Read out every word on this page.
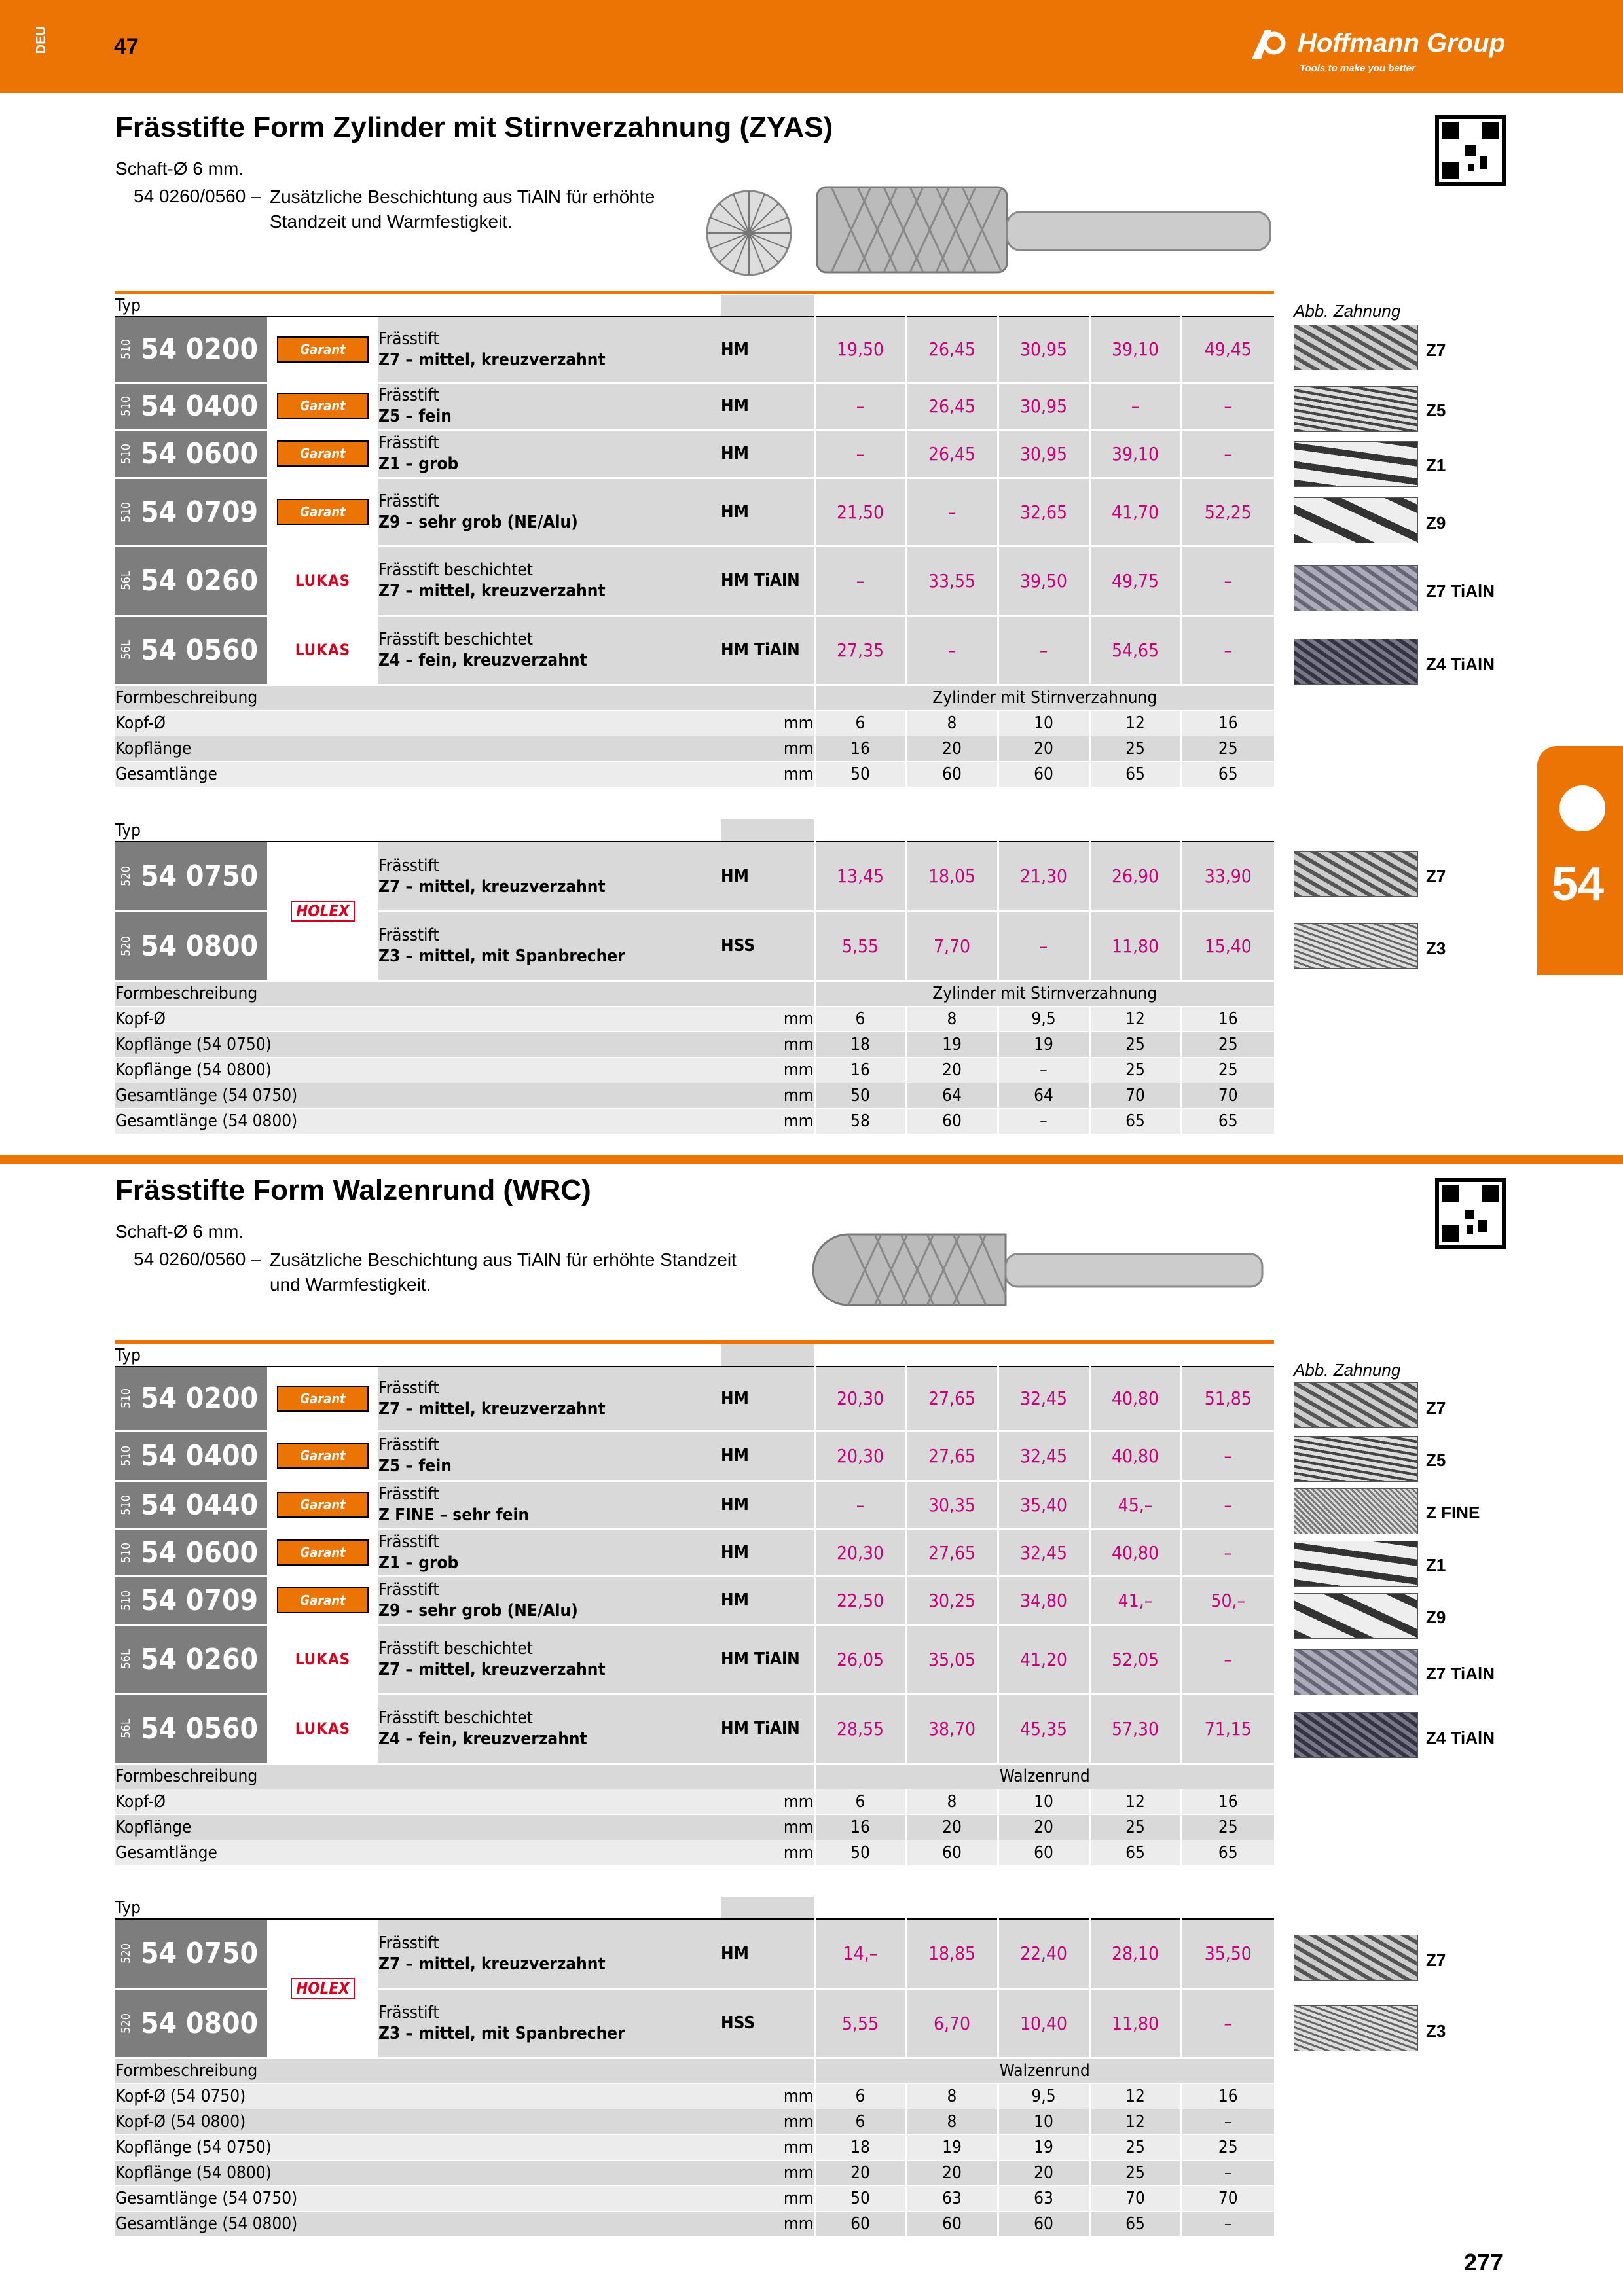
DEU	47	Hoffmann Group
Tools to make you better
54
Frässtifte Form Zylinder mit Stirnverzahnung (ZYAS)
Schaft-Ø 6 mm.
54 0260/0560 – Zusätzliche Beschichtung aus TiAlN für erhöhte
Standzeit und Warmfestigkeit.
Typ				AS0616	AS0820	AS1020	AS1225	AS1625
510 54 0200	Garant	Frässtift
Z7 – mittel, kreuzverzahnt	HM	19,50	26,45	30,95	39,10	49,45
510 54 0400	Garant	Frässtift
Z5 – fein	HM	–	26,45	30,95	–	–
510 54 0600	Garant	Frässtift
Z1 – grob	HM	–	26,45	30,95	39,10	–
510 54 0709	Garant	Frässtift
Z9 – sehr grob (NE/Alu)	HM	21,50	–	32,65	41,70	52,25
56L 54 0260	LUKAS	Frässtift beschichtet
Z7 – mittel, kreuzverzahnt	HM TiAlN	–	33,55	39,50	49,75	–
56L 54 0560	LUKAS	Frässtift beschichtet
Z4 – fein, kreuzverzahnt	HM TiAlN	27,35	–	–	54,65	–
Formbeschreibung				Zylinder mit Stirnverzahnung				
Kopf-Ø			mm	6	8	10	12	16
Kopflänge			mm	16	20	20	25	25
Gesamtlänge			mm	50	60	60	65	65
Abb. Zahnung
Z7
Z5
Z1
Z9
Z7 TiAlN
Z4 TiAlN
Typ				AS0616	AS0820	AS1020	AS1225	AS1625
520 54 0750	HOLEX	Frässtift
Z7 – mittel, kreuzverzahnt	HM	13,45	18,05	21,30	26,90	33,90
520 54 0800		Frässtift
Z3 – mittel, mit Spanbrecher	HSS	5,55	7,70	–	11,80	15,40
Formbeschreibung				Zylinder mit Stirnverzahnung				
Kopf-Ø			mm	6	8	9,5	12	16
Kopflänge (54 0750)			mm	18	19	19	25	25
Kopflänge (54 0800)			mm	16	20	–	25	25
Gesamtlänge (54 0750)			mm	50	64	64	70	70
Gesamtlänge (54 0800)			mm	58	60	–	65	65
Z7
Z3
Frässtifte Form Walzenrund (WRC)
Schaft-Ø 6 mm.
54 0260/0560 – Zusätzliche Beschichtung aus TiAlN für erhöhte Standzeit
und Warmfestigkeit.
Typ				C0616	C0820	C1020	C1225	C1625
510 54 0200	Garant	Frässtift
Z7 – mittel, kreuzverzahnt	HM	20,30	27,65	32,45	40,80	51,85
510 54 0400	Garant	Frässtift
Z5 – fein	HM	20,30	27,65	32,45	40,80	–
510 54 0440	Garant	Frässtift
Z FINE – sehr fein	HM	–	30,35	35,40	45,–	–
510 54 0600	Garant	Frässtift
Z1 – grob	HM	20,30	27,65	32,45	40,80	–
510 54 0709	Garant	Frässtift
Z9 – sehr grob (NE/Alu)	HM	22,50	30,25	34,80	41,–	50,–
56L 54 0260	LUKAS	Frässtift beschichtet
Z7 – mittel, kreuzverzahnt	HM TiAlN	26,05	35,05	41,20	52,05	–
56L 54 0560	LUKAS	Frässtift beschichtet
Z4 – fein, kreuzverzahnt	HM TiAlN	28,55	38,70	45,35	57,30	71,15
Formbeschreibung				Walzenrund				
Kopf-Ø			mm	6	8	10	12	16
Kopflänge			mm	16	20	20	25	25
Gesamtlänge			mm	50	60	60	65	65
Abb. Zahnung
Z7
Z5
Z FINE
Z1
Z9
Z7 TiAlN
Z4 TiAlN
Typ				C0616	C0820	C1020	C1225	C1625
520 54 0750	HOLEX	Frässtift
Z7 – mittel, kreuzverzahnt	HM	14,–	18,85	22,40	28,10	35,50
520 54 0800		Frässtift
Z3 – mittel, mit Spanbrecher	HSS	5,55	6,70	10,40	11,80	–
Formbeschreibung				Walzenrund				
Kopf-Ø (54 0750)			mm	6	8	9,5	12	16
Kopf-Ø (54 0800)			mm	6	8	10	12	–
Kopflänge (54 0750)			mm	18	19	19	25	25
Kopflänge (54 0800)			mm	20	20	20	25	–
Gesamtlänge (54 0750)			mm	50	63	63	70	70
Gesamtlänge (54 0800)			mm	60	60	60	65	–
Z7
Z3
277
